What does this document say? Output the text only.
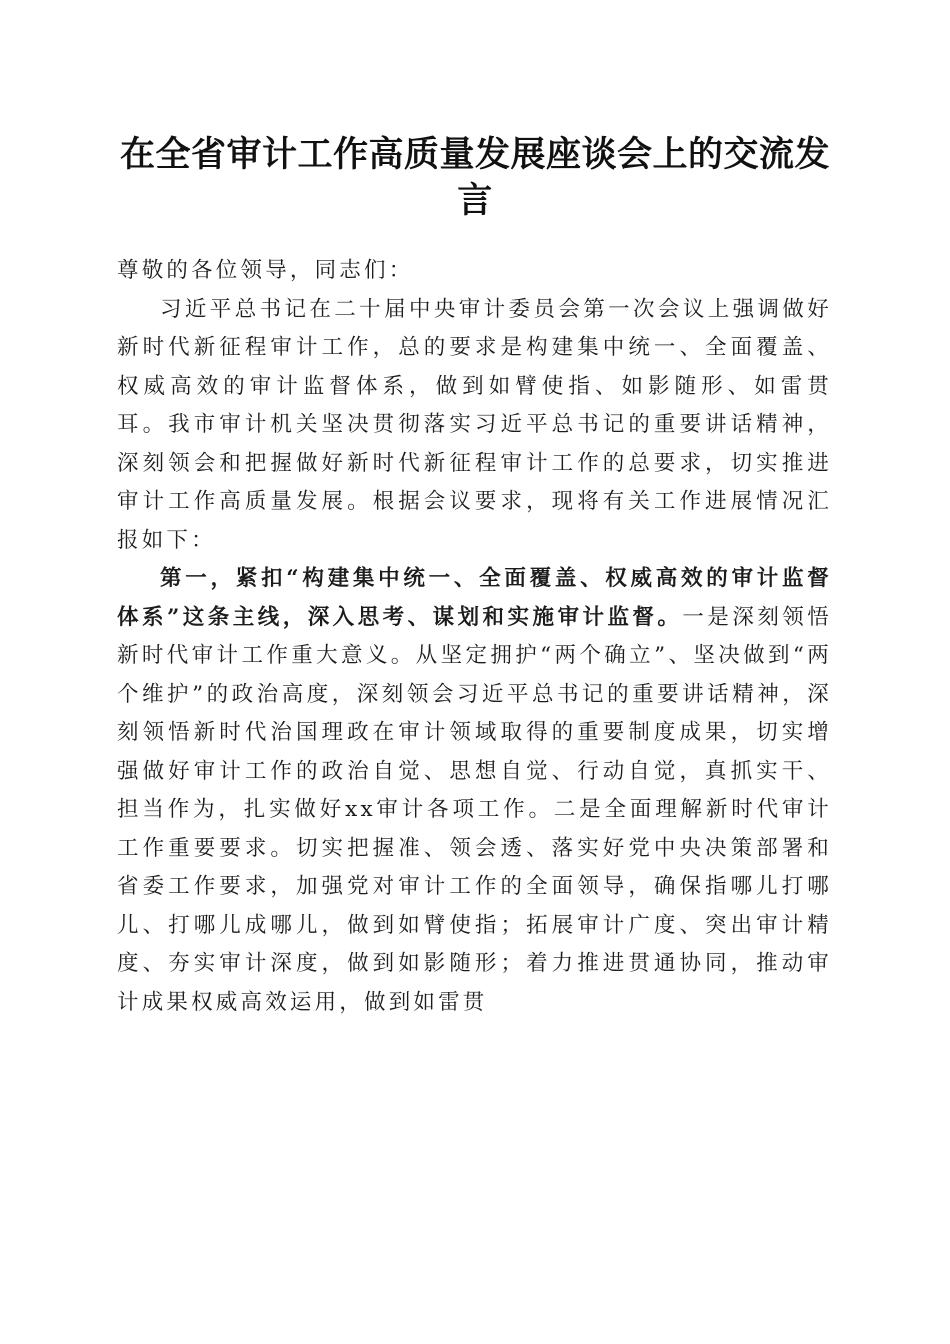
在全省审计工作高质量发展座谈会上的交流发言

尊敬的各位领导，同志们：

习近平总书记在二十届中央审计委员会第一次会议上强调做好新时代新征程审计工作，总的要求是构建集中统一、全面覆盖、权威高效的审计监督体系，做到如臂使指、如影随形、如雷贯耳。我市审计机关坚决贯彻落实习近平总书记的重要讲话精神，深刻领会和把握做好新时代新征程审计工作的总要求，切实推进审计工作高质量发展。根据会议要求，现将有关工作进展情况汇报如下：

第一，紧扣“构建集中统一、全面覆盖、权威高效的审计监督体系”这条主线，深入思考、谋划和实施审计监督。一是深刻领悟新时代审计工作重大意义。从坚定拥护“两个确立”、坚决做到“两个维护”的政治高度，深刻领会习近平总书记的重要讲话精神，深刻领悟新时代治国理政在审计领域取得的重要制度成果，切实增强做好审计工作的政治自觉、思想自觉、行动自觉，真抓实干、担当作为，扎实做好xx审计各项工作。二是全面理解新时代审计工作重要要求。切实把握准、领会透、落实好党中央决策部署和省委工作要求，加强党对审计工作的全面领导，确保指哪儿打哪儿、打哪儿成哪儿，做到如臂使指；拓展审计广度、突出审计精度、夯实审计深度，做到如影随形；着力推进贯通协同，推动审计成果权威高效运用，做到如雷贯
